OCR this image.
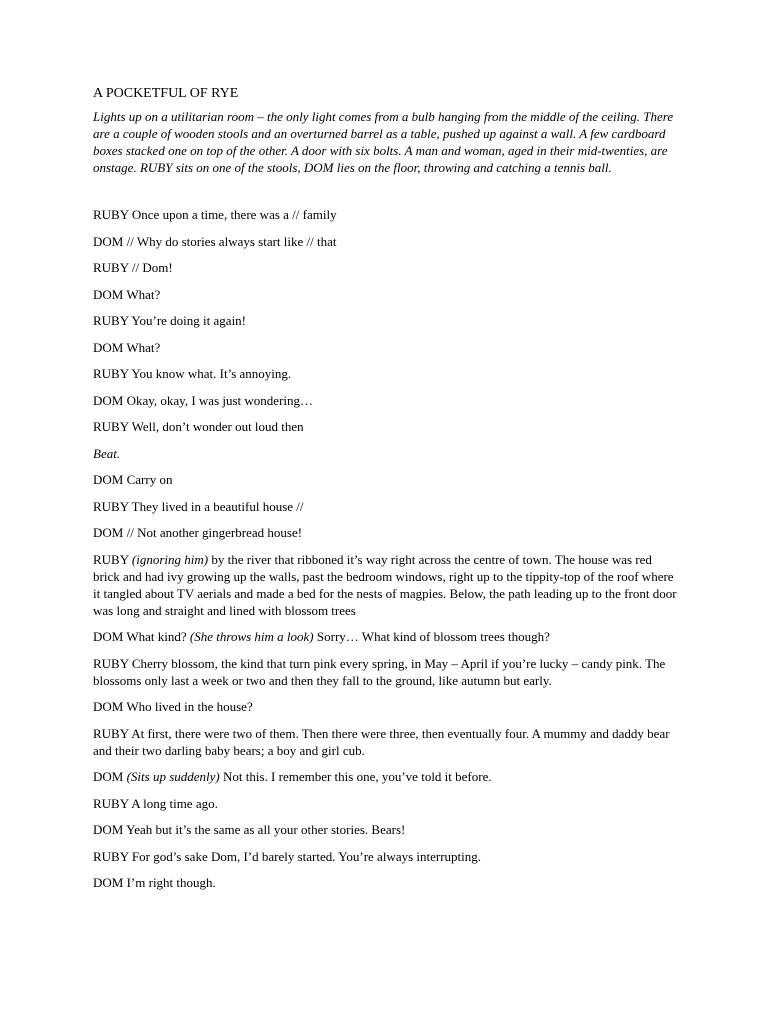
A POCKETFUL OF RYE

Lights up on a utilitarian room – the only light comes from a bulb hanging from the middle of the ceiling. There are a couple of wooden stools and an overturned barrel as a table, pushed up against a wall. A few cardboard boxes stacked one on top of the other. A door with six bolts. A man and woman, aged in their mid-twenties, are onstage. RUBY sits on one of the stools, DOM lies on the floor, throwing and catching a tennis ball.

RUBY Once upon a time, there was a // family

DOM // Why do stories always start like // that

RUBY // Dom!

DOM What?

RUBY You’re doing it again!

DOM What?

RUBY You know what. It’s annoying.

DOM Okay, okay, I was just wondering…

RUBY Well, don’t wonder out loud then

Beat.

DOM Carry on

RUBY They lived in a beautiful house //

DOM // Not another gingerbread house!

RUBY (ignoring him) by the river that ribboned it’s way right across the centre of town. The house was red brick and had ivy growing up the walls, past the bedroom windows, right up to the tippity-top of the roof where it tangled about TV aerials and made a bed for the nests of magpies. Below, the path leading up to the front door was long and straight and lined with blossom trees

DOM What kind? (She throws him a look) Sorry… What kind of blossom trees though?

RUBY Cherry blossom, the kind that turn pink every spring, in May – April if you’re lucky – candy pink. The blossoms only last a week or two and then they fall to the ground, like autumn but early.

DOM Who lived in the house?

RUBY At first, there were two of them. Then there were three, then eventually four. A mummy and daddy bear and their two darling baby bears; a boy and girl cub.

DOM (Sits up suddenly) Not this. I remember this one, you’ve told it before.

RUBY A long time ago.

DOM Yeah but it’s the same as all your other stories. Bears!

RUBY For god’s sake Dom, I’d barely started. You’re always interrupting.

DOM I’m right though.
